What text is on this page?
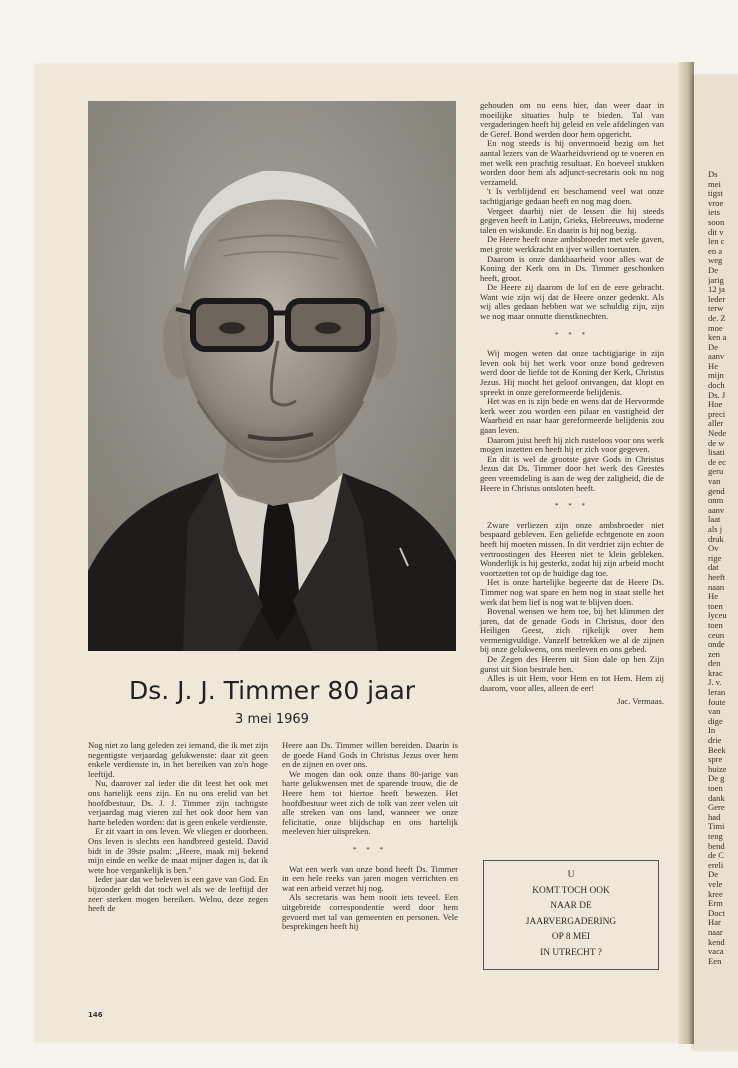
Ds. J. J. Timmer 80 jaar
3 mei 1969

Nog niet zo lang geleden zei iemand, die ik met zijn negentigste verjaardag gelukwenste: daar zit geen enkele verdienste in, in het bereiken van zo'n hoge leeftijd.

Nu, daarover zal ieder die dit leest het ook met ons hartelijk eens zijn. En nu ons erelid van het hoofdbestuur, Ds. J. J. Timmer zijn tachtigste verjaardag mag vieren zal het ook door hem van harte beleden worden: dat is geen enkele verdienste.

Er zit vaart in ons leven. We vliegen er doorheen. Ons leven is slechts een handbreed gesteld. David bidt in de 39ste psalm: „Heere, maak mij bekend mijn einde en welke de maat mijner dagen is, dat ik wete hoe vergankelijk is ben."

Ieder jaar dat we beleven is een gave van God. En bijzonder geldt dat toch wel als we de leeftijd der zeer sterken mogen bereiken. Welnu, deze zegen heeft de

Heere aan Ds. Timmer willen bereiden. Daarin is de goede Hand Gods in Christus Jezus over hem en de zijnen en over ons.

We mogen dan ook onze thans 80-jarige van harte gelukwensen met de sparende trouw, die de Heere hem tot hiertoe heeft bewezen. Het hoofdbestuur weet zich de tolk van zeer velen uit alle streken van ons land, wanneer we onze felicitatie, onze blijdschap en ons hartelijk meeleven hier uitspreken.

* * *

Wat een werk van onze bond heeft Ds. Timmer in een hele reeks van jaren mogen verrichten en wat een arbeid verzet hij nog.

Als secretaris was hem nooit iets teveel. Een uitgebreide correspondentie werd door hem gevoerd met tal van gemeenten en personen. Vele besprekingen heeft hij

gehouden om nu eens hier, dan weer daar in moeilijke situaties hulp te bieden. Tal van vergaderingen heeft hij geleid en vele afdelingen van de Geref. Bond werden door hem opgericht.

En nog steeds is hij onvermoeid bezig om het aantal lezers van de Waarheidsvriend op te voeren en met welk een prachtig resultaat. En hoeveel stukken worden door hem als adjunct-secretaris ook nu nog verzameld.

't Is verblijdend en beschamend veel wat onze tachtigjarige gedaan heeft en nog mag doen.

Vergeet daarbij niet de lessen die hij steeds gegeven heeft in Latijn, Grieks, Hebreeuws, moderne talen en wiskunde. En daarin is hij nog bezig.

De Heere heeft onze ambtsbroeder met vele gaven, met grote werkkracht en ijver willen toerusten.

Daarom is onze dankbaarheid voor alles wat de Koning der Kerk ons in Ds. Timmer geschonken heeft, groot.

De Heere zij daarom de lof en de eere gebracht. Want wie zijn wij dat de Heere onzer gedenkt. Als wij alles gedaan hebben wat we schuldig zijn, zijn we nog maar onnutte dienstknechten.

* * *

Wij mogen weten dat onze tachtigjarige in zijn leven ook bij het werk voor onze bond gedreven werd door de liefde tot de Koning der Kerk, Christus Jezus. Hij mocht het geloof ontvangen, dat klopt en spreekt in onze gereformeerde belijdenis.

Het was en is zijn bede en wens dat de Hervormde kerk weer zou worden een pilaar en vastigheid der Waarheid en naar haar gereformeerde belijdenis zou gaan leven.

Daarom juist heeft hij zich rusteloos voor ons werk mogen inzetten en heeft hij er zich voor gegeven.

En dit is wel de grootste gave Gods in Christus Jezus dat Ds. Timmer door het werk des Geestes geen vreemdeling is aan de weg der zaligheid, die de Heere in Christus ontsloten heeft.

* * *

Zware verliezen zijn onze ambsbroeder niet bespaard gebleven. Een geliefde echtgenote en zoon heeft hij moeten missen. In dit verdriet zijn echter de vertroostingen des Heeren niet te klein gebleken. Wonderlijk is hij gesterkt, zodat hij zijn arbeid mocht voortzetten tot op de huidige dag toe.

Het is onze hartelijke begeerte dat de Heere Ds. Timmer nog wat spare en hem nog in staat stelle het werk dat hem lief is nog wat te blijven doen.

Bovenal wensen we hem toe, bij het klimmen der jaren, dat de genade Gods in Christus, door den Heiligen Geest, zich rijkelijk over hem vermenigvuldige. Vanzelf betrekken we al de zijnen bij onze gelukwens, ons meeleven en ons gebed.

De Zegen des Heeren uit Sion dale op hen Zijn gunst uit Sion bestrale hen.

Alles is uit Hem, voor Hem en tot Hem. Hem zij daarom, voor alles, alleen de eer!

Jac. Vermaas.
U
KOMT TOCH OOK
NAAR DE
JAARVERGADERING
OP 8 MEI
IN UTRECHT ?
146
Ds
mei
tigst
vroe
iets
soon
dit v
len c
en a
weg
De
jarig
12 ja
leder
terw
de. Z
moe
ken a
De
aanv
He
mijn
doch
Ds. J
Hoe
preci
aller
Nede
de w
lisati
de ec
geru
van
gend
onm
aanv
laat
als j
druk
Ov
rige
dat
heeft
naan
He
toen
lyceu
toen
ceun
onde
zen
den
krac
J. v.
leran
foute
van
dige
In
drie
Beek
spre
huize
De g
toen
dank
Gere
had
Timi
teng
bend
de C
ereli
De
vele
kree
Erm
Doct
Har
naar
kend
vaca
Een
